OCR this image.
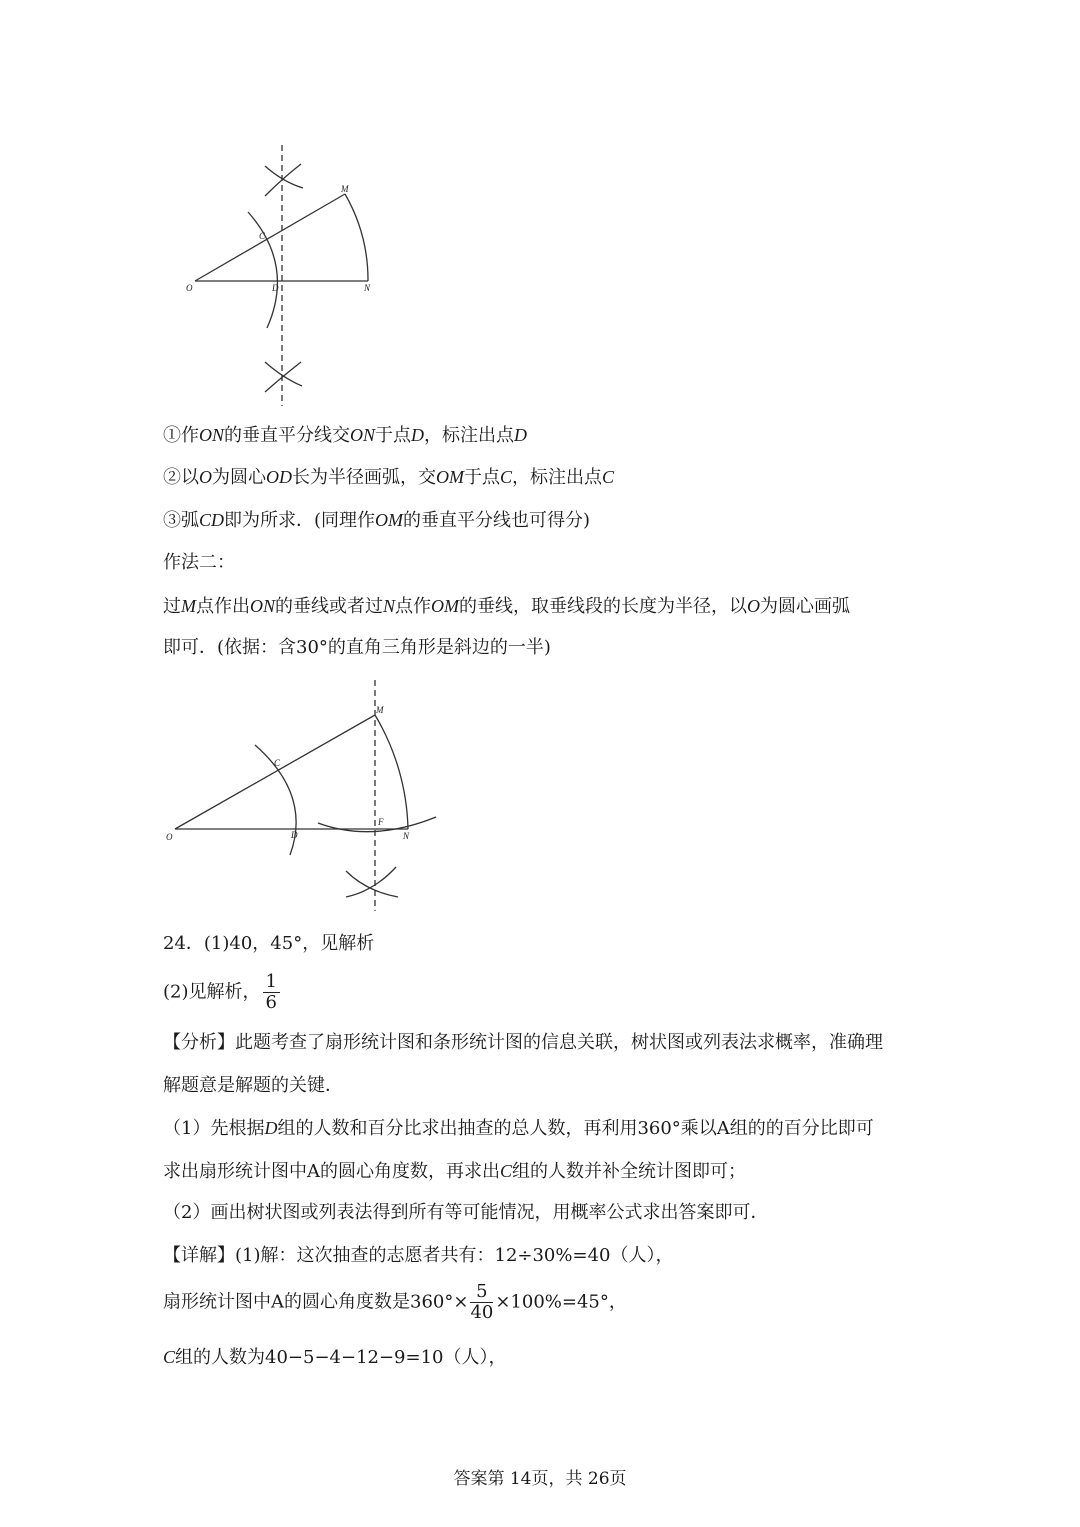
O	D	N
C
M
①作ON的垂直平分线交ON于点D，标注出点D
②以O为圆心OD长为半径画弧，交OM于点C，标注出点C
③弧CD即为所求．(同理作OM的垂直平分线也可得分)
作法二：
过M点作出ON的垂线或者过N点作OM的垂线，取垂线段的长度为半径，以O为圆心画弧
即可．(依据：含30°的直角三角形是斜边的一半)
O	D	N
C
M
F
24．(1)40，45°，见解析
(2)见解析， $\frac{1}{6}$
【分析】此题考查了扇形统计图和条形统计图的信息关联，树状图或列表法求概率，准确理
解题意是解题的关键．
（1）先根据D组的人数和百分比求出抽查的总人数，再利用360°乘以A组的的百分比即可
求出扇形统计图中A的圆心角度数，再求出C组的人数并补全统计图即可；
（2）画出树状图或列表法得到所有等可能情况，用概率公式求出答案即可．
【详解】(1)解：这次抽查的志愿者共有：12÷30%=40（人），
扇形统计图中A的圆心角度数是$360^\circ\times \frac{5}{40} \times 100\%=45^\circ$，
C组的人数为40−5−4−12−9=10（人），
答案第 14页，共 26页
